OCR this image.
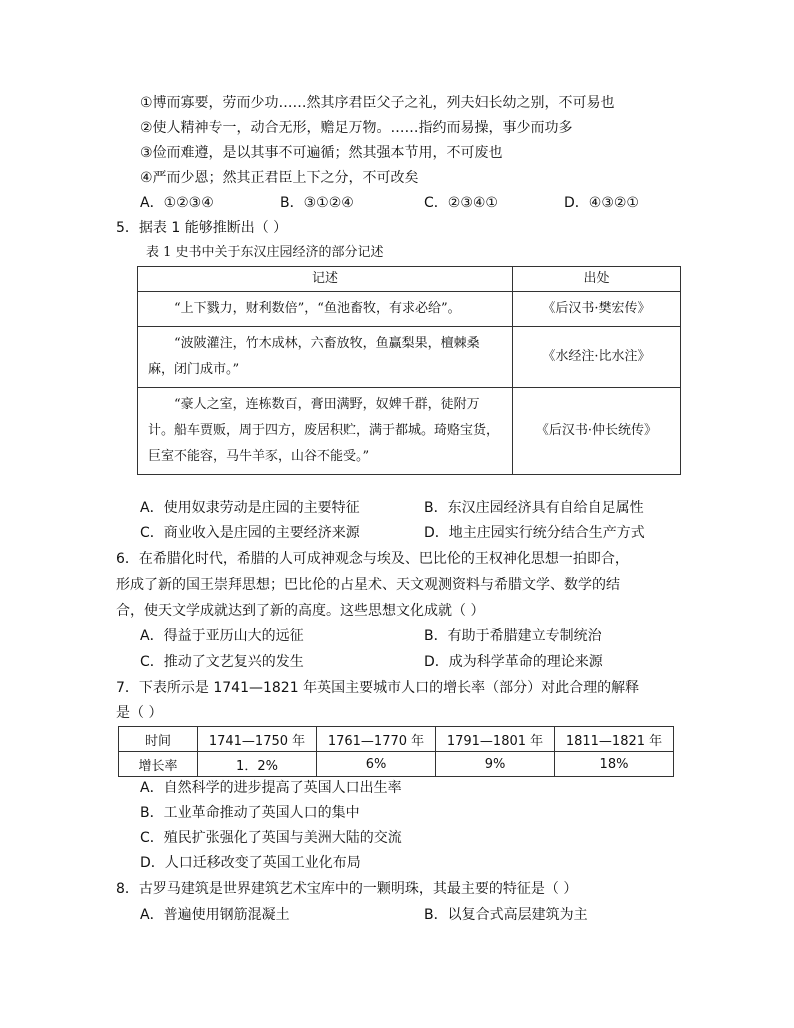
①博而寡要，劳而少功……然其序君臣父子之礼，列夫妇长幼之别，不可易也
②使人精神专一，动合无形，赡足万物。……指约而易操，事少而功多
③俭而难遵，是以其事不可遍循；然其强本节用，不可废也
④严而少恩；然其正君臣上下之分，不可改矣
A．①②③④	B．③①②④	C．②③④①	D．④③②①
5．据表 1 能够推断出（ ）
表 1 史书中关于东汉庄园经济的部分记述
记述	出处
“上下戮力，财利数倍”，“鱼池畜牧，有求必给”。	《后汉书·樊宏传》
“波陂灌注，竹木成林，六畜放牧，鱼赢梨果，檀棘桑麻，闭门成市。”	《水经注·比水注》
“豪人之室，连栋数百，膏田满野，奴婢千群，徒附万计。船车贾贩，周于四方，废居积贮，满于都城。琦赂宝货，巨室不能容，马牛羊豕，山谷不能受。”	《后汉书·仲长统传》
A．使用奴隶劳动是庄园的主要特征	B．东汉庄园经济具有自给自足属性
C．商业收入是庄园的主要经济来源	D．地主庄园实行统分结合生产方式
6．在希腊化时代，希腊的人可成神观念与埃及、巴比伦的王权神化思想一拍即合，
形成了新的国王崇拜思想；巴比伦的占星术、天文观测资料与希腊文学、数学的结
合，使天文学成就达到了新的高度。这些思想文化成就（ ）
A．得益于亚历山大的远征	B．有助于希腊建立专制统治
C．推动了文艺复兴的发生	D．成为科学革命的理论来源
7．下表所示是 1741—1821 年英国主要城市人口的增长率（部分）对此合理的解释
是（ ）
时间	1741—1750 年	1761—1770 年	1791—1801 年	1811—1821 年
增长率	1．2%	6%	9%	18%
A．自然科学的进步提高了英国人口出生率
B．工业革命推动了英国人口的集中
C．殖民扩张强化了英国与美洲大陆的交流
D．人口迁移改变了英国工业化布局
8．古罗马建筑是世界建筑艺术宝库中的一颗明珠，其最主要的特征是（ ）
A．普遍使用钢筋混凝土	B．以复合式高层建筑为主
